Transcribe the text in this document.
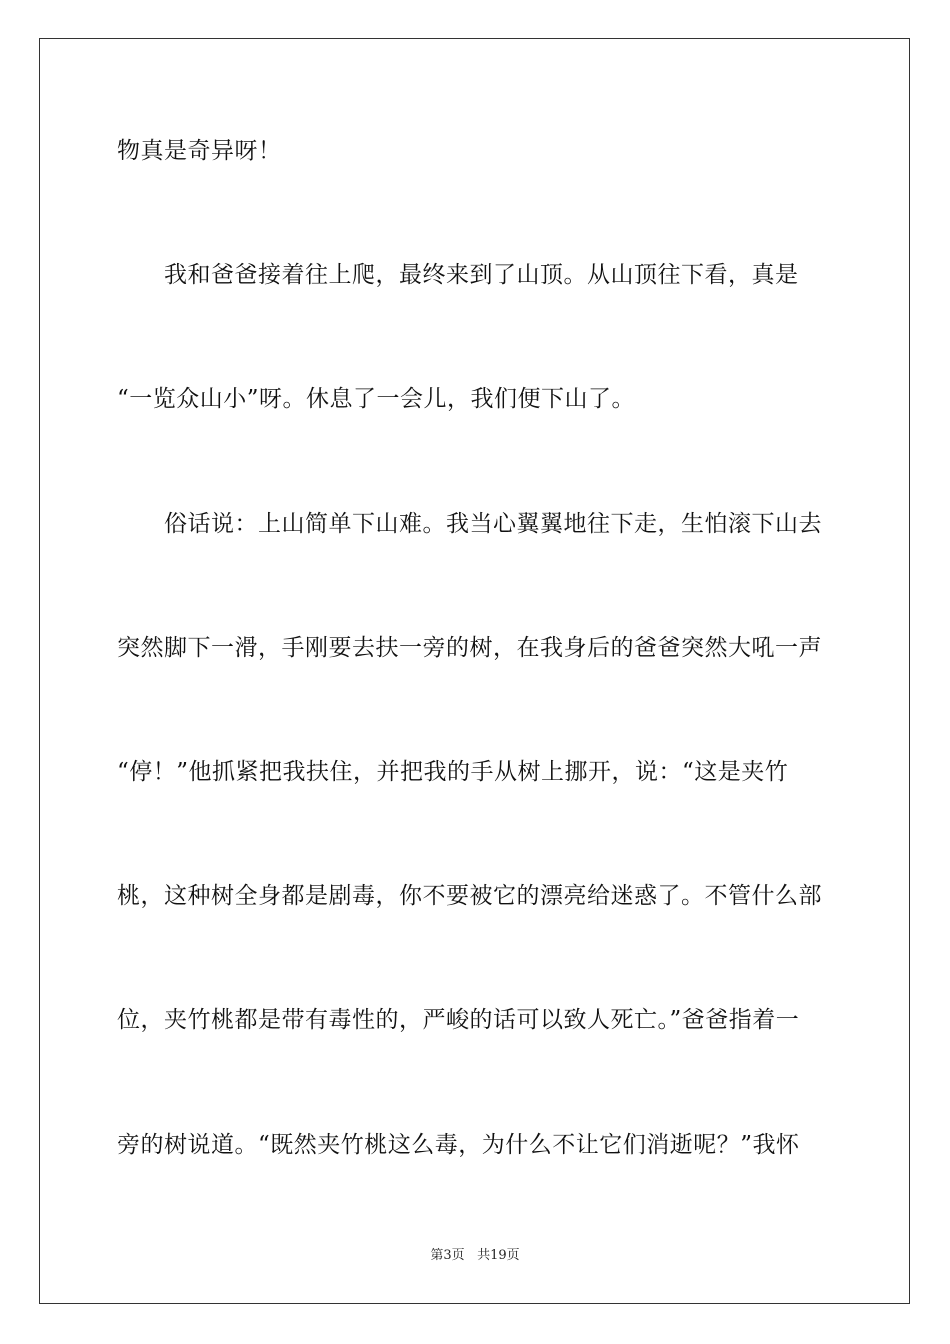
物真是奇异呀！
　　我和爸爸接着往上爬，最终来到了山顶。从山顶往下看，真是
“一览众山小”呀。休息了一会儿，我们便下山了。
　　俗话说：上山简单下山难。我当心翼翼地往下走，生怕滚下山去
突然脚下一滑，手刚要去扶一旁的树，在我身后的爸爸突然大吼一声
“停！”他抓紧把我扶住，并把我的手从树上挪开，说：“这是夹竹
桃，这种树全身都是剧毒，你不要被它的漂亮给迷惑了。不管什么部
位，夹竹桃都是带有毒性的，严峻的话可以致人死亡。”爸爸指着一
旁的树说道。“既然夹竹桃这么毒，为什么不让它们消逝呢？”我怀
第3页 共19页
